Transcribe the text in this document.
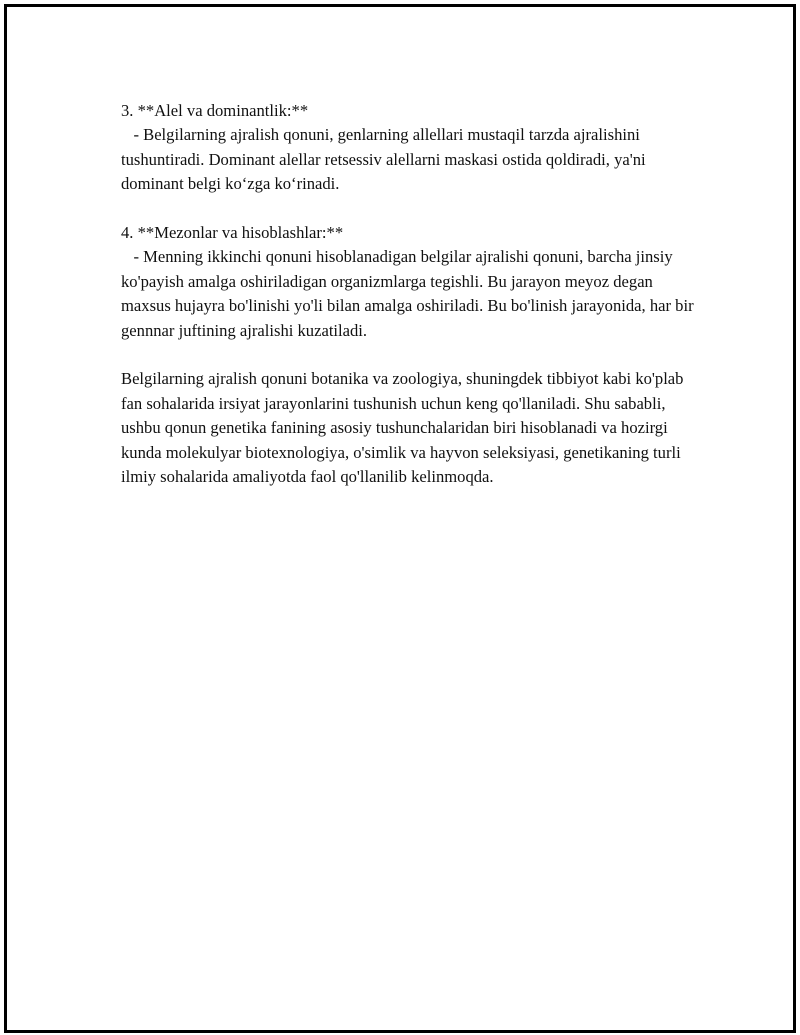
3. **Alel va dominantlik:**

- Belgilarning ajralish qonuni, genlarning allellari mustaqil tarzda ajralishini tushuntiradi. Dominant alellar retsessiv alellarni maskasi ostida qoldiradi, ya'ni dominant belgi ko‘zga ko‘rinadi.

4. **Mezonlar va hisoblashlar:**

- Menning ikkinchi qonuni hisoblanadigan belgilar ajralishi qonuni, barcha jinsiy ko'payish amalga oshiriladigan organizmlarga tegishli. Bu jarayon meyoz degan maxsus hujayra bo'linishi yo'li bilan amalga oshiriladi. Bu bo'linish jarayonida, har bir gennnar juftining ajralishi kuzatiladi.

Belgilarning ajralish qonuni botanika va zoologiya, shuningdek tibbiyot kabi ko'plab fan sohalarida irsiyat jarayonlarini tushunish uchun keng qo'llaniladi. Shu sababli, ushbu qonun genetika fanining asosiy tushunchalaridan biri hisoblanadi va hozirgi kunda molekulyar biotexnologiya, o'simlik va hayvon seleksiyasi, genetikaning turli ilmiy sohalarida amaliyotda faol qo'llanilib kelinmoqda.
